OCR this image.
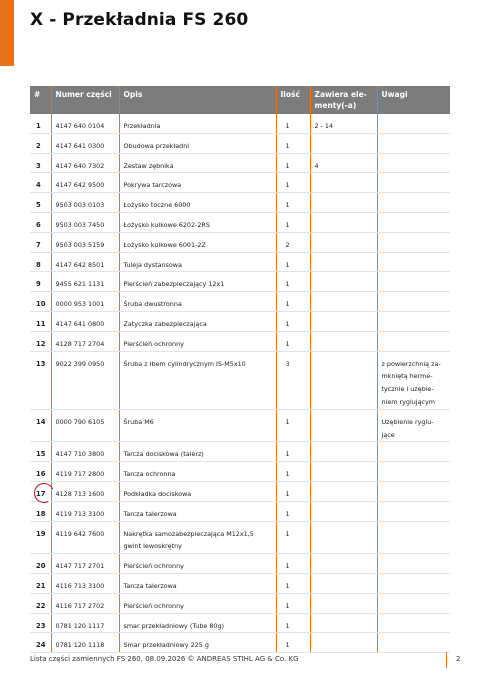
X - Przekładnia FS 260
#	Numer części	Opis	Ilość	Zawiera ele-
menty(-a)	Uwagi
1	4147 640 0104	Przekładnia	1	2 - 14	
2	4147 641 0300	Obudowa przekładni	1		
3	4147 640 7302	Zestaw zębnika	1	4	
4	4147 642 9500	Pokrywa tarczowa	1		
5	9503 003 0103	Łożysko toczne 6000	1		
6	9503 003 7450	Łożysko kulkowe 6202-2RS	1		
7	9503 003 5159	Łożysko kulkowe 6001-2Z	2		
8	4147 642 8501	Tuleja dystansowa	1		
9	9455 621 1131	Pierścień zabezpieczający 12x1	1		
10	0000 953 1001	Śruba dwustronna	1		
11	4147 641 0800	Zatyczka zabezpieczająca	1		
12	4128 717 2704	Pierścień ochronny	1		
13	9022 399 0950	Śruba z łbem cylindrycznym IS-M5x10	3		z powierzchnią za-
mkniętą herme-
tycznie i uzębie-
niem ryglującym
14	0000 790 6105	Śruba M6	1		Uzębienie ryglu-
jące
15	4147 710 3800	Tarcza dociskowa (talerz)	1		
16	4119 717 2800	Tarcza ochronna	1		
17	4128 713 1600	Podkładka dociskowa	1		
18	4119 713 3100	Tarcza talerzowa	1		
19	4119 642 7600	Nakrętka samozabezpieczająca M12x1,5
gwint lewoskrętny	1		
20	4147 717 2701	Pierścień ochronny	1		
21	4116 713 3100	Tarcza talerzowa	1		
22	4116 717 2702	Pierścień ochronny	1		
23	0781 120 1117	smar przekładniowy (Tube 80g)	1		
24	0781 120 1118	Smar przekładniowy 225 g	1		
Lista części zamiennych FS 260, 08.09.2026 © ANDREAS STIHL AG & Co. KG	2
